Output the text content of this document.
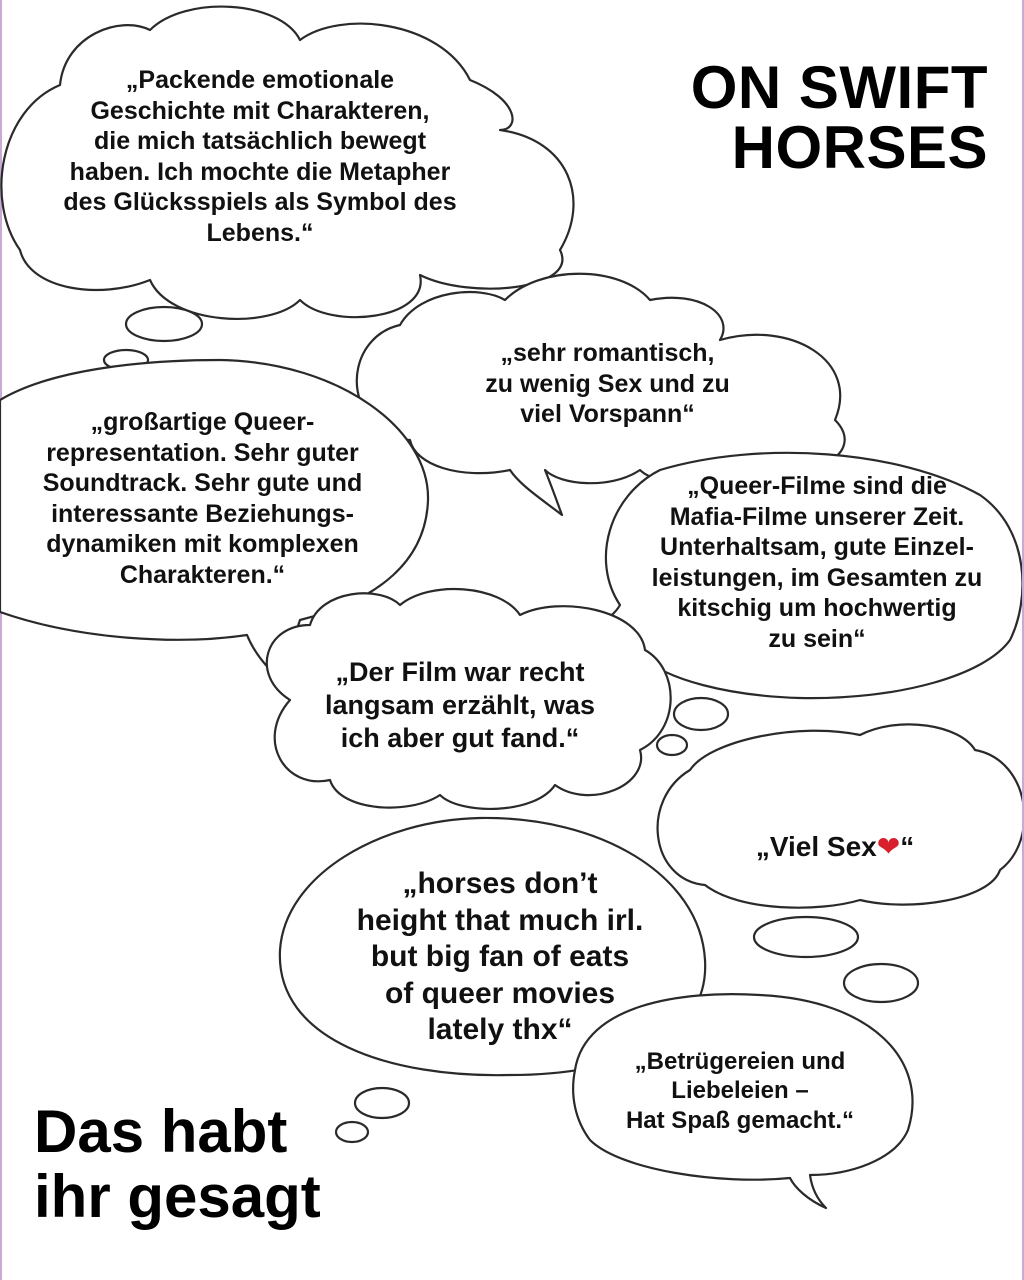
ON SWIFT
HORSES
Das habt
ihr gesagt
„Packende emotionale
Geschichte mit Charakteren,
die mich tatsächlich bewegt
haben. Ich mochte die Metapher
des Glücksspiels als Symbol des
Lebens.“
„sehr romantisch,
zu wenig Sex und zu
viel Vorspann“
„großartige Queer-
representation. Sehr guter
Soundtrack. Sehr gute und
interessante Beziehungs-
dynamiken mit komplexen
Charakteren.“
„Queer-Filme sind die
Mafia-Filme unserer Zeit.
Unterhaltsam, gute Einzel-
leistungen, im Gesamten zu
kitschig um hochwertig
zu sein“
„Der Film war recht
langsam erzählt, was
ich aber gut fand.“

„Viel Sex❤“

„horses don’t
height that much irl.
but big fan of eats
of queer movies
lately thx“
„Betrügereien und
Liebeleien –
Hat Spaß gemacht.“
